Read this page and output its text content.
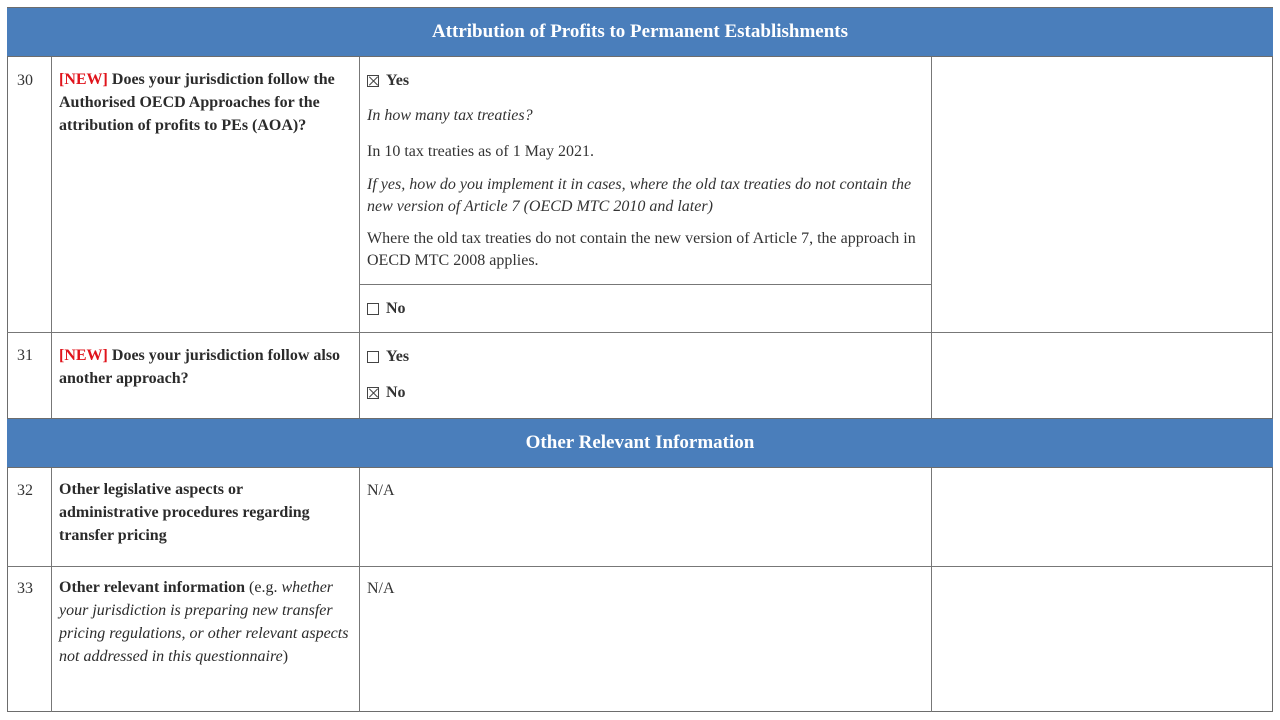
Attribution of Profits to Permanent Establishments
30 [NEW] Does your jurisdiction follow the Authorised OECD Approaches for the attribution of profits to PEs (AOA)?
Yes
In how many tax treaties?
In 10 tax treaties as of 1 May 2021.
If yes, how do you implement it in cases, where the old tax treaties do not contain the new version of Article 7 (OECD MTC 2010 and later)
Where the old tax treaties do not contain the new version of Article 7, the approach in OECD MTC 2008 applies.
No
31 [NEW] Does your jurisdiction follow also another approach?
Yes
No
Other Relevant Information
32 Other legislative aspects or administrative procedures regarding transfer pricing
N/A
33 Other relevant information (e.g. whether your jurisdiction is preparing new transfer pricing regulations, or other relevant aspects not addressed in this questionnaire)
N/A
